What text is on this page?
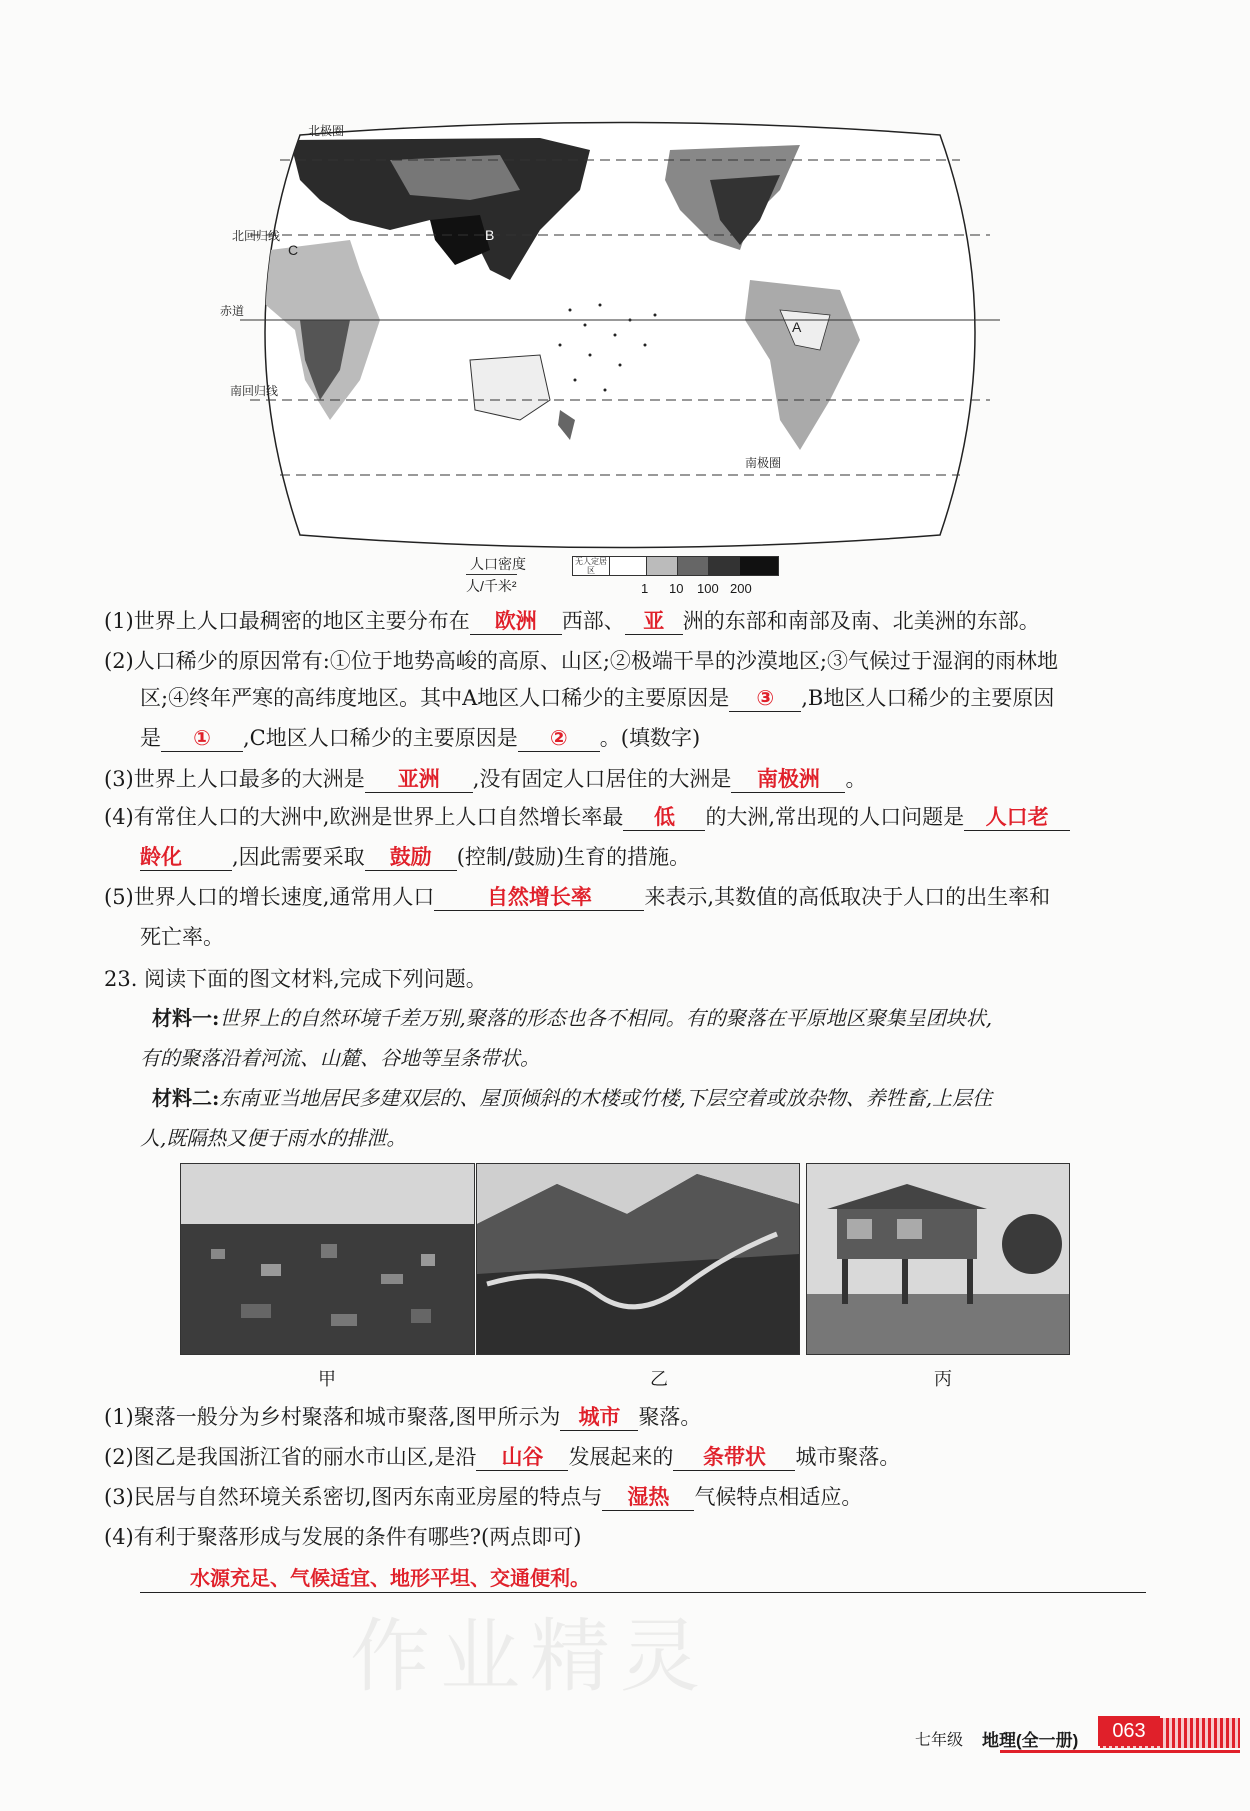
北极圈
北回归线
赤道
南回归线
南极圈
A
B
C
人口密度
人/千米²
无人定居区
1 10 100 200
(1)世界上人口最稠密的地区主要分布在 欧洲 西部、 亚 洲的东部和南部及南、北美洲的东部。
(2)人口稀少的原因常有:①位于地势高峻的高原、山区;②极端干旱的沙漠地区;③气候过于湿润的雨林地
区;④终年严寒的高纬度地区。其中A地区人口稀少的主要原因是 ③ ,B地区人口稀少的主要原因
是 ① ,C地区人口稀少的主要原因是 ② 。(填数字)
(3)世界上人口最多的大洲是 亚洲 ,没有固定人口居住的大洲是 南极洲 。
(4)有常住人口的大洲中,欧洲是世界上人口自然增长率最 低 的大洲,常出现的人口问题是 人口老
龄化 ,因此需要采取 鼓励 (控制/鼓励)生育的措施。
(5)世界人口的增长速度,通常用人口	自然增长率	来表示,其数值的高低取决于人口的出生率和
死亡率。
23. 阅读下面的图文材料,完成下列问题。
材料一:世界上的自然环境千差万别,聚落的形态也各不相同。有的聚落在平原地区聚集呈团块状,
有的聚落沿着河流、山麓、谷地等呈条带状。
材料二:东南亚当地居民多建双层的、屋顶倾斜的木楼或竹楼,下层空着或放杂物、养牲畜,上层住
人,既隔热又便于雨水的排泄。
甲	乙	丙
(1)聚落一般分为乡村聚落和城市聚落,图甲所示为 城市 聚落。
(2)图乙是我国浙江省的丽水市山区,是沿 山谷 发展起来的 条带状 城市聚落。
(3)民居与自然环境关系密切,图丙东南亚房屋的特点与 湿热 气候特点相适应。
(4)有利于聚落形成与发展的条件有哪些?(两点即可)
水源充足、气候适宜、地形平坦、交通便利。
作业精灵
七年级 地理(全一册)	063
